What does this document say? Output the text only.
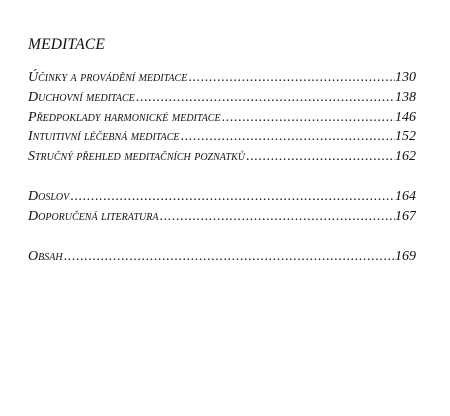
MEDITACE
Účinky a provádění meditace .....	130
Duchovní meditace .....	138
Předpoklady harmonické meditace .....	146
Intuitivní léčebná meditace .....	152
Stručný přehled meditačních poznatků .....	162
Doslov .....	164
Doporučená literatura .....	167
Obsah .....	169
